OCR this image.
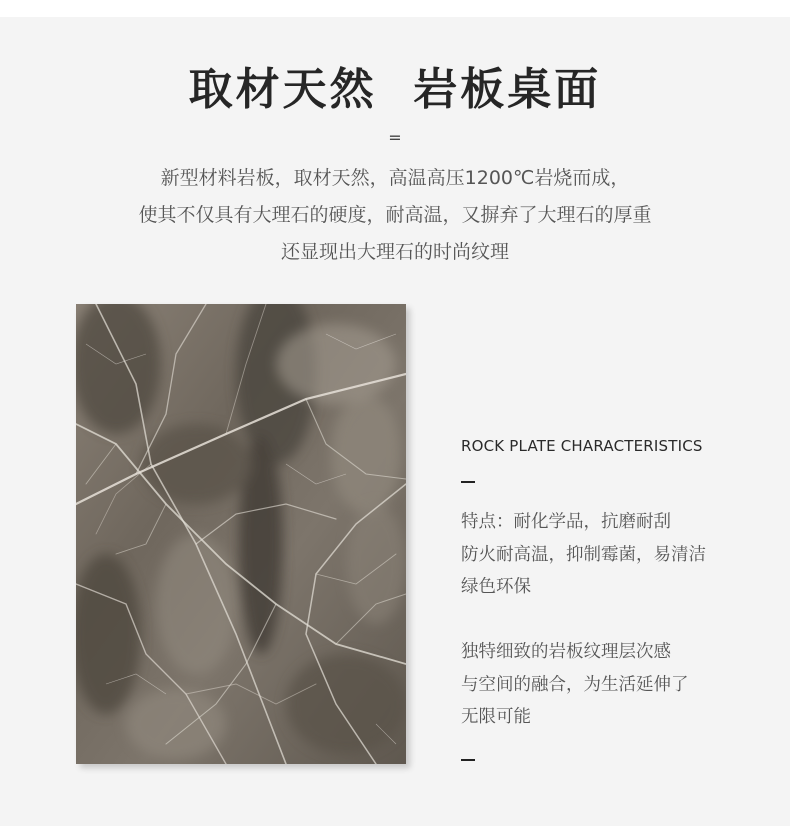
取材天然  岩板桌面
=
新型材料岩板，取材天然，高温高压1200℃岩烧而成，
使其不仅具有大理石的硬度，耐高温，又摒弃了大理石的厚重
还显现出大理石的时尚纹理
ROCK PLATE CHARACTERISTICS
特点：耐化学品，抗磨耐刮
防火耐高温，抑制霉菌，易清洁
绿色环保
独特细致的岩板纹理层次感
与空间的融合，为生活延伸了
无限可能
